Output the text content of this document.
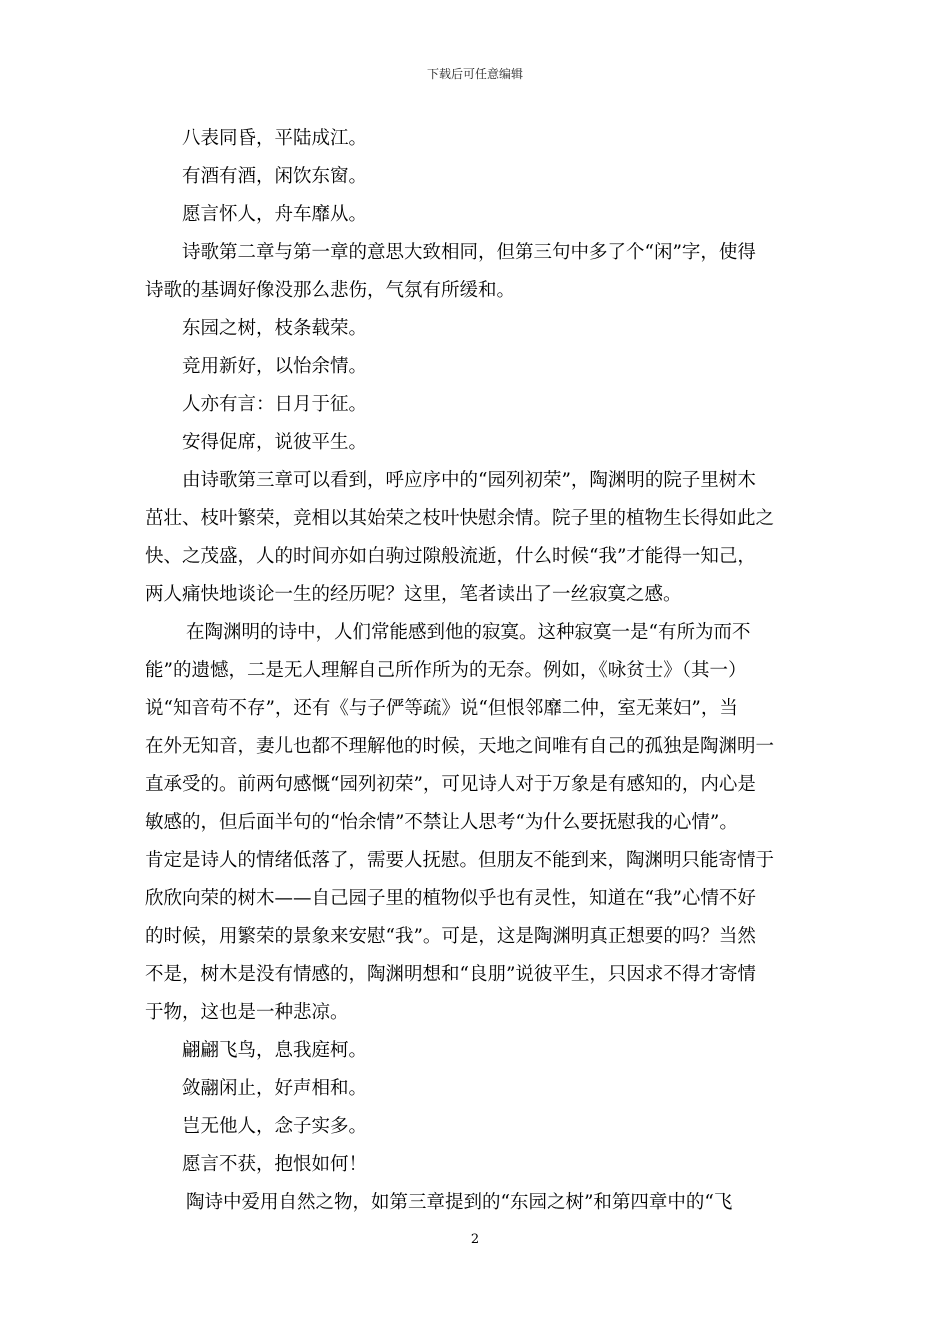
下载后可任意编辑
八表同昏，平陆成江。
有酒有酒，闲饮东窗。
愿言怀人，舟车靡从。
诗歌第二章与第一章的意思大致相同，但第三句中多了个“闲”字，使得
诗歌的基调好像没那么悲伤，气氛有所缓和。
东园之树，枝条载荣。
竞用新好，以怡余情。
人亦有言：日月于征。
安得促席，说彼平生。
由诗歌第三章可以看到，呼应序中的“园列初荣”，陶渊明的院子里树木
茁壮、枝叶繁荣，竞相以其始荣之枝叶快慰余情。院子里的植物生长得如此之
快、之茂盛，人的时间亦如白驹过隙般流逝，什么时候“我”才能得一知己，
两人痛快地谈论一生的经历呢？这里，笔者读出了一丝寂寞之感。
在陶渊明的诗中，人们常能感到他的寂寞。这种寂寞一是“有所为而不
能”的遗憾，二是无人理解自己所作所为的无奈。例如，《咏贫士》（其一）
说“知音苟不存”，还有《与子俨等疏》说“但恨邻靡二仲，室无莱妇”，当
在外无知音，妻儿也都不理解他的时候，天地之间唯有自己的孤独是陶渊明一
直承受的。前两句感慨“园列初荣”，可见诗人对于万象是有感知的，内心是
敏感的，但后面半句的“怡余情”不禁让人思考“为什么要抚慰我的心情”。
肯定是诗人的情绪低落了，需要人抚慰。但朋友不能到来，陶渊明只能寄情于
欣欣向荣的树木——自己园子里的植物似乎也有灵性，知道在“我”心情不好
的时候，用繁荣的景象来安慰“我”。可是，这是陶渊明真正想要的吗？当然
不是，树木是没有情感的，陶渊明想和“良朋”说彼平生，只因求不得才寄情
于物，这也是一种悲凉。
翩翩飞鸟，息我庭柯。
敛翮闲止，好声相和。
岂无他人，念子实多。
愿言不获，抱恨如何！
陶诗中爱用自然之物，如第三章提到的“东园之树”和第四章中的“飞
2
